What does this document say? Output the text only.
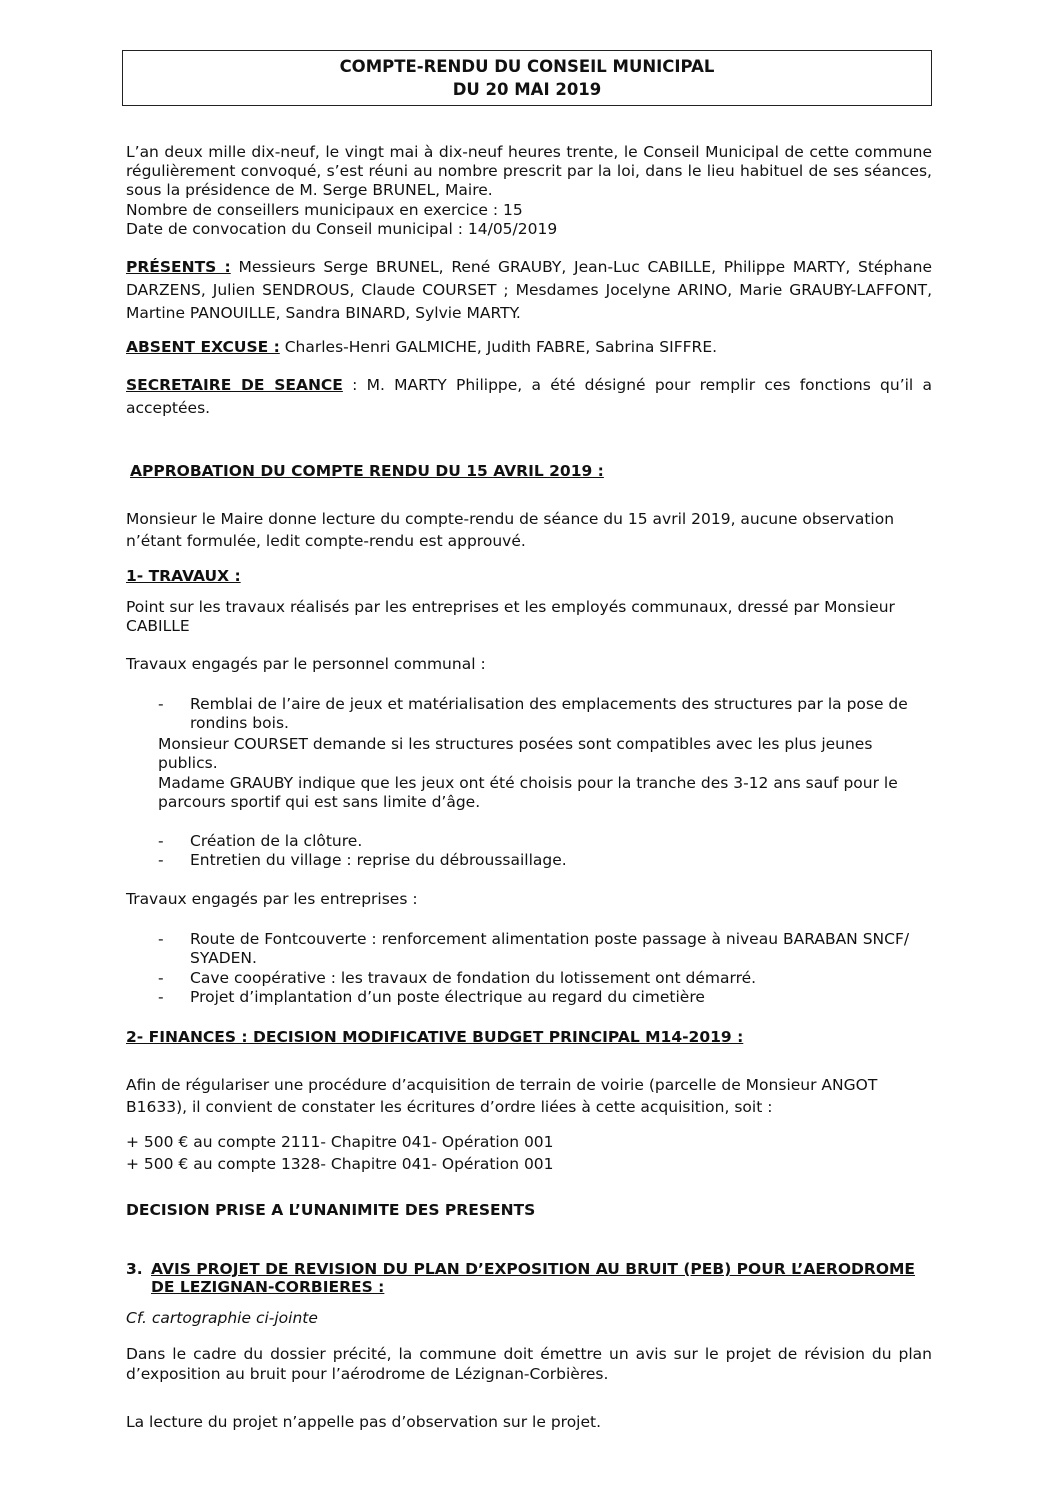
COMPTE-RENDU DU CONSEIL MUNICIPAL
DU 20 MAI 2019

L’an deux mille dix-neuf, le vingt mai à dix-neuf heures trente, le Conseil Municipal de cette commune régulièrement convoqué, s’est réuni au nombre prescrit par la loi, dans le lieu habituel de ses séances, sous la présidence de M. Serge BRUNEL, Maire.

Nombre de conseillers municipaux en exercice : 15

Date de convocation du Conseil municipal : 14/05/2019

PRÉSENTS : Messieurs Serge BRUNEL, René GRAUBY, Jean-Luc CABILLE, Philippe MARTY, Stéphane DARZENS, Julien SENDROUS, Claude COURSET ; Mesdames Jocelyne ARINO, Marie GRAUBY-LAFFONT, Martine PANOUILLE, Sandra BINARD, Sylvie MARTY.

ABSENT EXCUSE : Charles-Henri GALMICHE, Judith FABRE, Sabrina SIFFRE.

SECRETAIRE DE SEANCE : M. MARTY Philippe, a été désigné pour remplir ces fonctions qu’il a acceptées.

APPROBATION DU COMPTE RENDU DU 15 AVRIL 2019 :

Monsieur le Maire donne lecture du compte-rendu de séance du 15 avril 2019, aucune observation n’étant formulée, ledit compte-rendu est approuvé.

1- TRAVAUX :

Point sur les travaux réalisés par les entreprises et les employés communaux, dressé par Monsieur CABILLE

Travaux engagés par le personnel communal :

- Remblai de l’aire de jeux et matérialisation des emplacements des structures par la pose de rondins bois.

Monsieur COURSET demande si les structures posées sont compatibles avec les plus jeunes publics.

Madame GRAUBY indique que les jeux ont été choisis pour la tranche des 3-12 ans sauf pour le parcours sportif qui est sans limite d’âge.

- Création de la clôture.
- Entretien du village : reprise du débroussaillage.

Travaux engagés par les entreprises :

- Route de Fontcouverte : renforcement alimentation poste passage à niveau BARABAN SNCF/ SYADEN.
- Cave coopérative : les travaux de fondation du lotissement ont démarré.
- Projet d’implantation d’un poste électrique au regard du cimetière

2- FINANCES : DECISION MODIFICATIVE BUDGET PRINCIPAL M14-2019 :

Afin de régulariser une procédure d’acquisition de terrain de voirie (parcelle de Monsieur ANGOT B1633), il convient de constater les écritures d’ordre liées à cette acquisition, soit :

+ 500 € au compte 2111- Chapitre 041- Opération 001

+ 500 € au compte 1328- Chapitre 041- Opération 001

DECISION PRISE A L’UNANIMITE DES PRESENTS

3. AVIS PROJET DE REVISION DU PLAN D’EXPOSITION AU BRUIT (PEB) POUR L’AERODROME DE LEZIGNAN-CORBIERES :

Cf. cartographie ci-jointe

Dans le cadre du dossier précité, la commune doit émettre un avis sur le projet de révision du plan d’exposition au bruit pour l’aérodrome de Lézignan-Corbières.

La lecture du projet n’appelle pas d’observation sur le projet.
